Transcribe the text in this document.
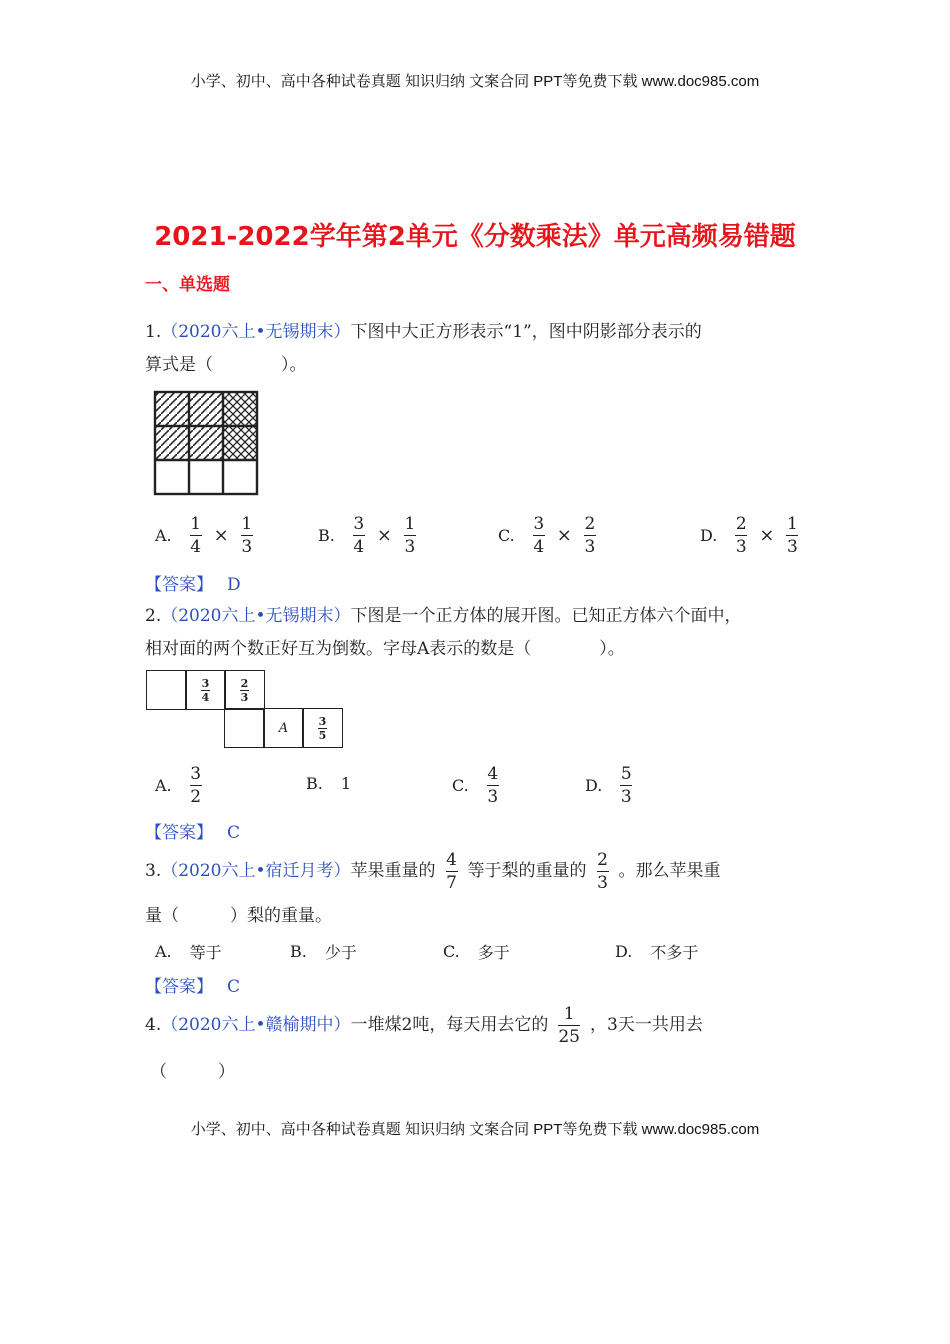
小学、初中、高中各种试卷真题 知识归纳 文案合同 PPT等免费下载 www.doc985.com
2021-2022学年第2单元《分数乘法》单元高频易错题
一、单选题
1.（2020六上•无锡期末）下图中大正方形表示“1”，图中阴影部分表示的
算式是（　　　　）。
A. $\frac{1}{4} \times \frac{1}{3}$	B. $\frac{3}{4} \times \frac{1}{3}$	C. $\frac{3}{4} \times \frac{2}{3}$	D. $\frac{2}{3} \times \frac{1}{3}$
【答案】 D
2.（2020六上•无锡期末）下图是一个正方体的展开图。已知正方体六个面中，
相对面的两个数正好互为倒数。字母A表示的数是（　　　　）。
3
4
2
3
A	3
5
A. $\frac{3}{2}$	B. 1	C. $\frac{4}{3}$	D. $\frac{5}{3}$
【答案】 C
3. （2020六上•宿迁月考） 苹果重量的 $\frac{4}{7}$ 等于梨的重量的 $\frac{2}{3}$ 。那么苹果重
量（　　　）梨的重量。
A. 等于	B. 少于	C. 多于	D. 不多于
【答案】 C
4. （2020六上•赣榆期中） 一堆煤2吨，每天用去它的 $\frac{1}{25}$ ，3天一共用去
（　　　）
小学、初中、高中各种试卷真题 知识归纳 文案合同 PPT等免费下载 www.doc985.com
